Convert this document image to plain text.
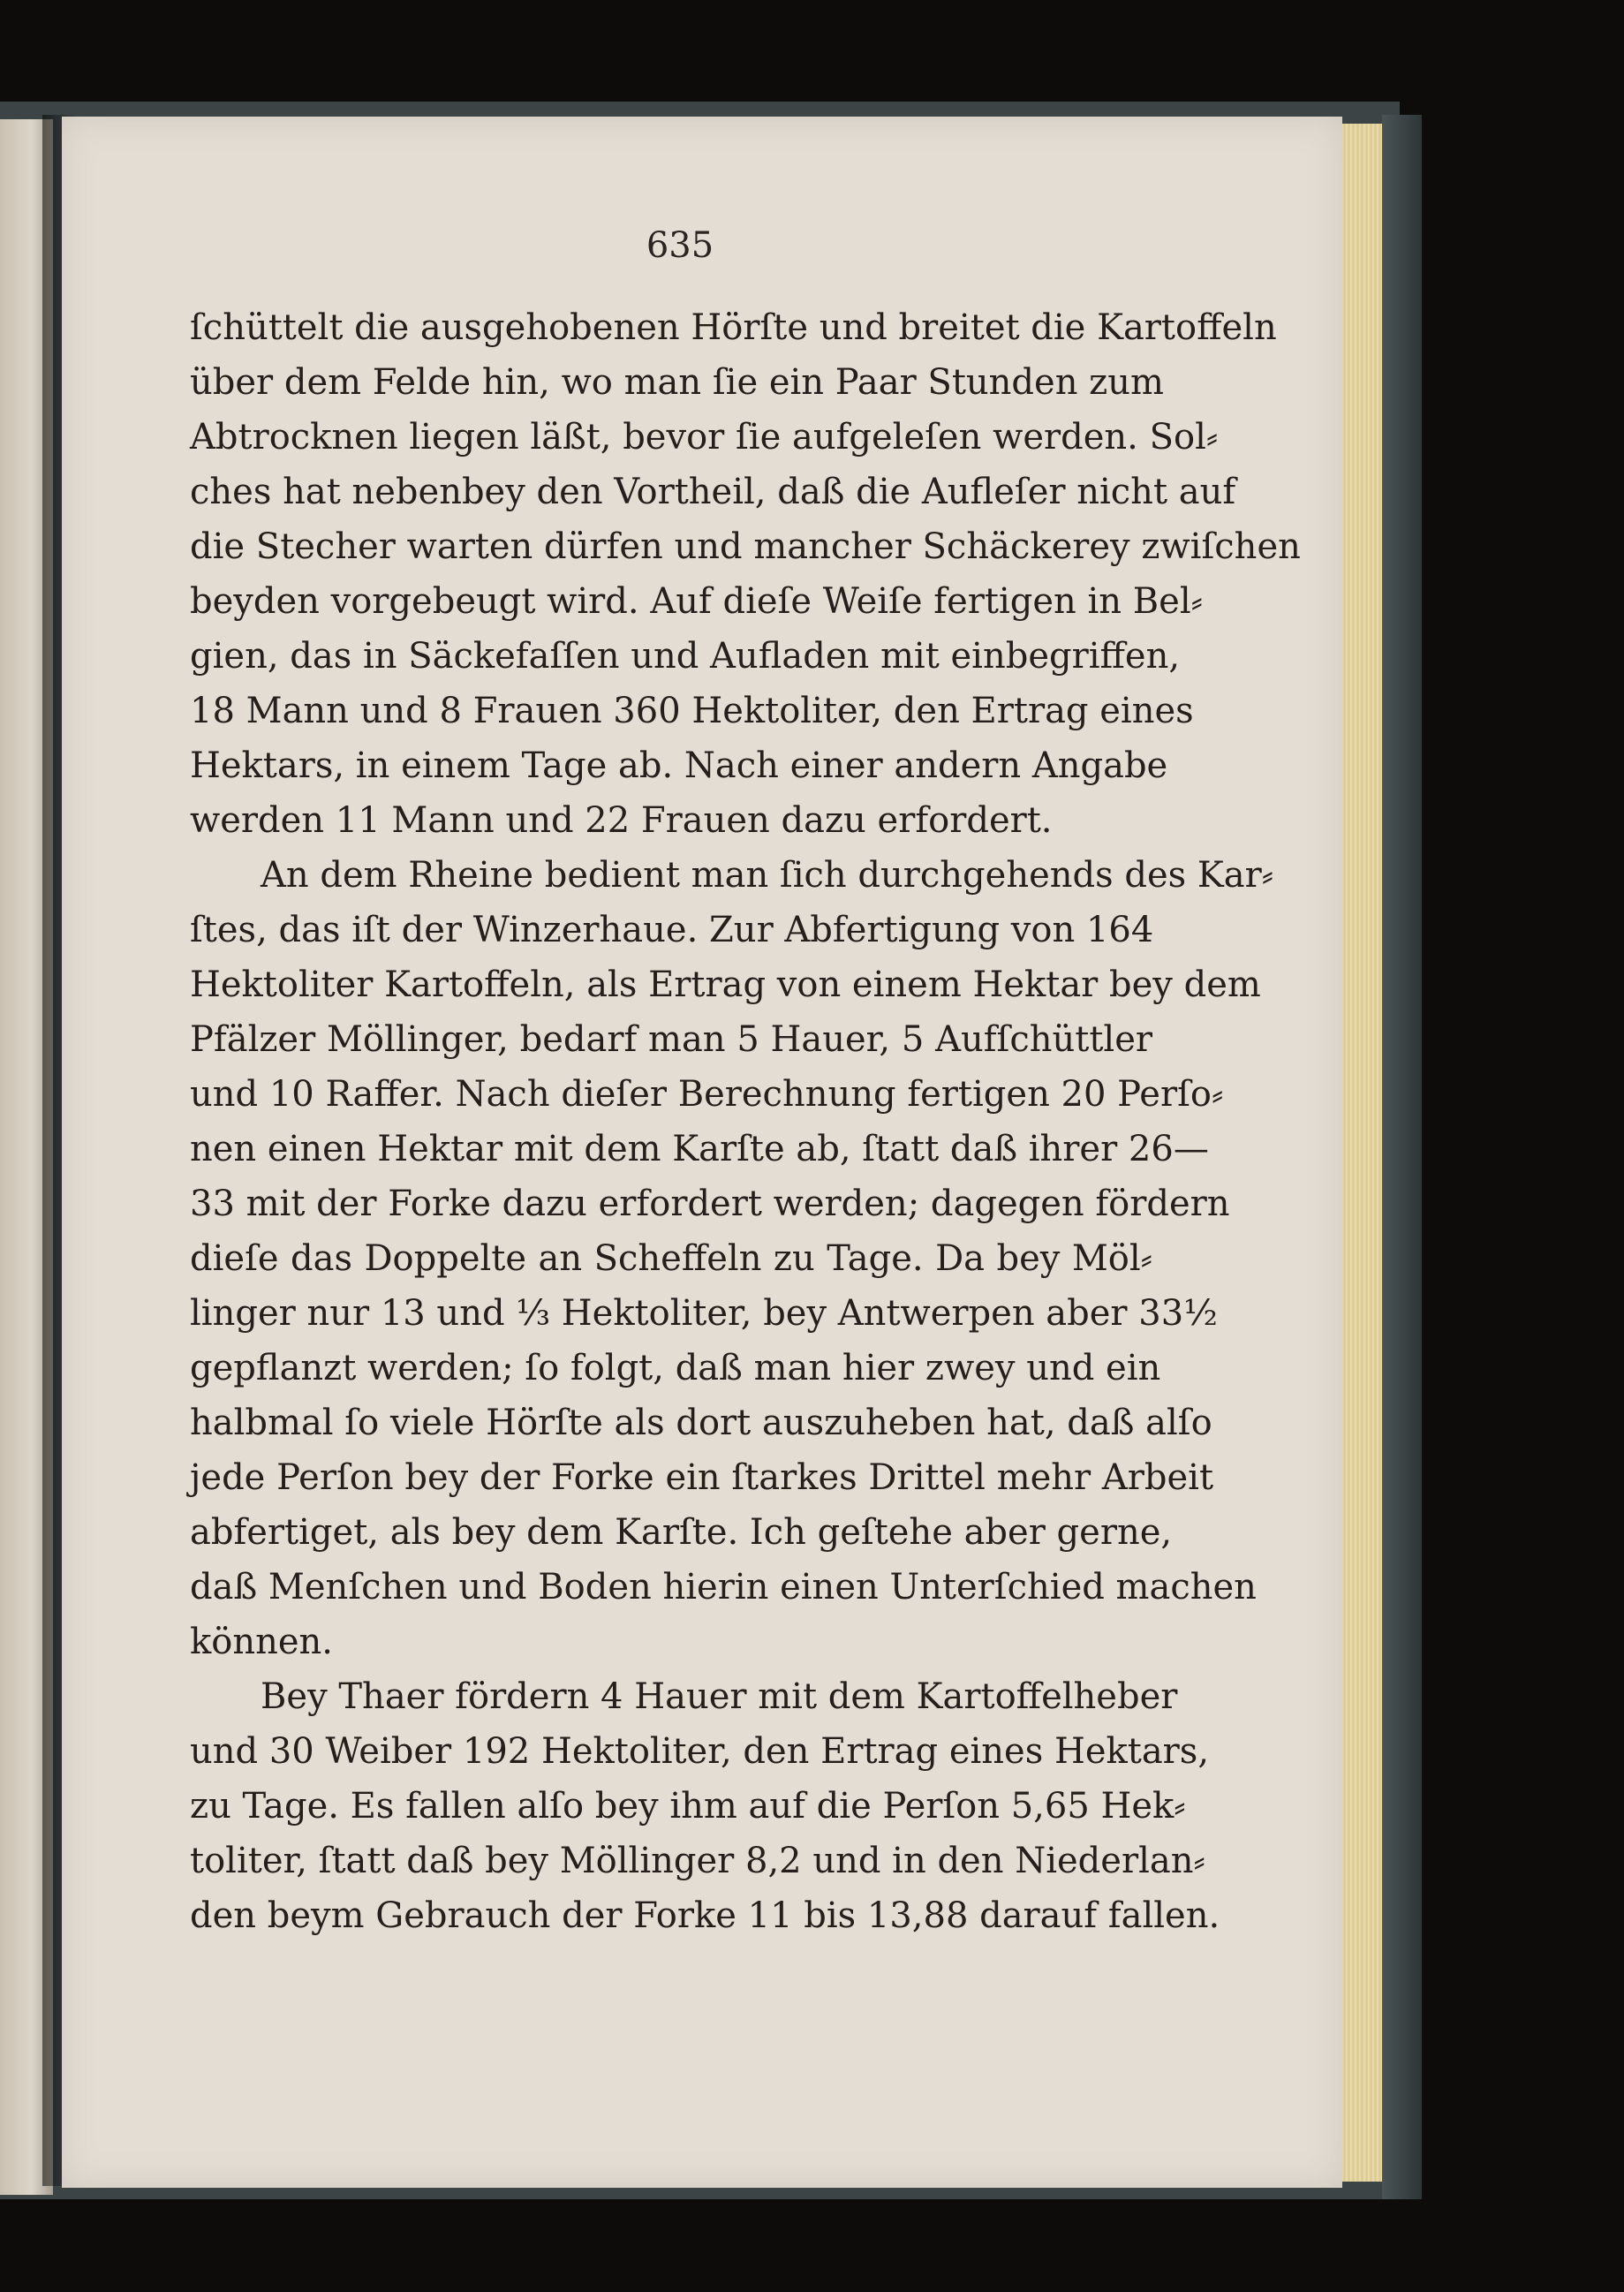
635
ſchüttelt die ausgehobenen Hörſte und breitet die Kartoffeln
über dem Felde hin, wo man ſie ein Paar Stunden zum
Abtrocknen liegen läßt, bevor ſie aufgeleſen werden. Sol⸗
ches hat nebenbey den Vortheil, daß die Aufleſer nicht auf
die Stecher warten dürfen und mancher Schäckerey zwiſchen
beyden vorgebeugt wird. Auf dieſe Weiſe fertigen in Bel⸗
gien, das in Säckefaſſen und Aufladen mit einbegriffen,
18 Mann und 8 Frauen 360 Hektoliter, den Ertrag eines
Hektars, in einem Tage ab. Nach einer andern Angabe
werden 11 Mann und 22 Frauen dazu erfordert.
An dem Rheine bedient man ſich durchgehends des Kar⸗
ſtes, das iſt der Winzerhaue. Zur Abfertigung von 164
Hektoliter Kartoffeln, als Ertrag von einem Hektar bey dem
Pfälzer Möllinger, bedarf man 5 Hauer, 5 Aufſchüttler
und 10 Raffer. Nach dieſer Berechnung fertigen 20 Perſo⸗
nen einen Hektar mit dem Karſte ab, ſtatt daß ihrer 26—
33 mit der Forke dazu erfordert werden; dagegen fördern
dieſe das Doppelte an Scheffeln zu Tage. Da bey Möl⸗
linger nur 13 und ⅓ Hektoliter, bey Antwerpen aber 33½
gepflanzt werden; ſo folgt, daß man hier zwey und ein
halbmal ſo viele Hörſte als dort auszuheben hat, daß alſo
jede Perſon bey der Forke ein ſtarkes Drittel mehr Arbeit
abfertiget, als bey dem Karſte. Ich geſtehe aber gerne,
daß Menſchen und Boden hierin einen Unterſchied machen
können.
Bey Thaer fördern 4 Hauer mit dem Kartoffelheber
und 30 Weiber 192 Hektoliter, den Ertrag eines Hektars,
zu Tage. Es fallen alſo bey ihm auf die Perſon 5,65 Hek⸗
toliter, ſtatt daß bey Möllinger 8,2 und in den Niederlan⸗
den beym Gebrauch der Forke 11 bis 13,88 darauf fallen.
